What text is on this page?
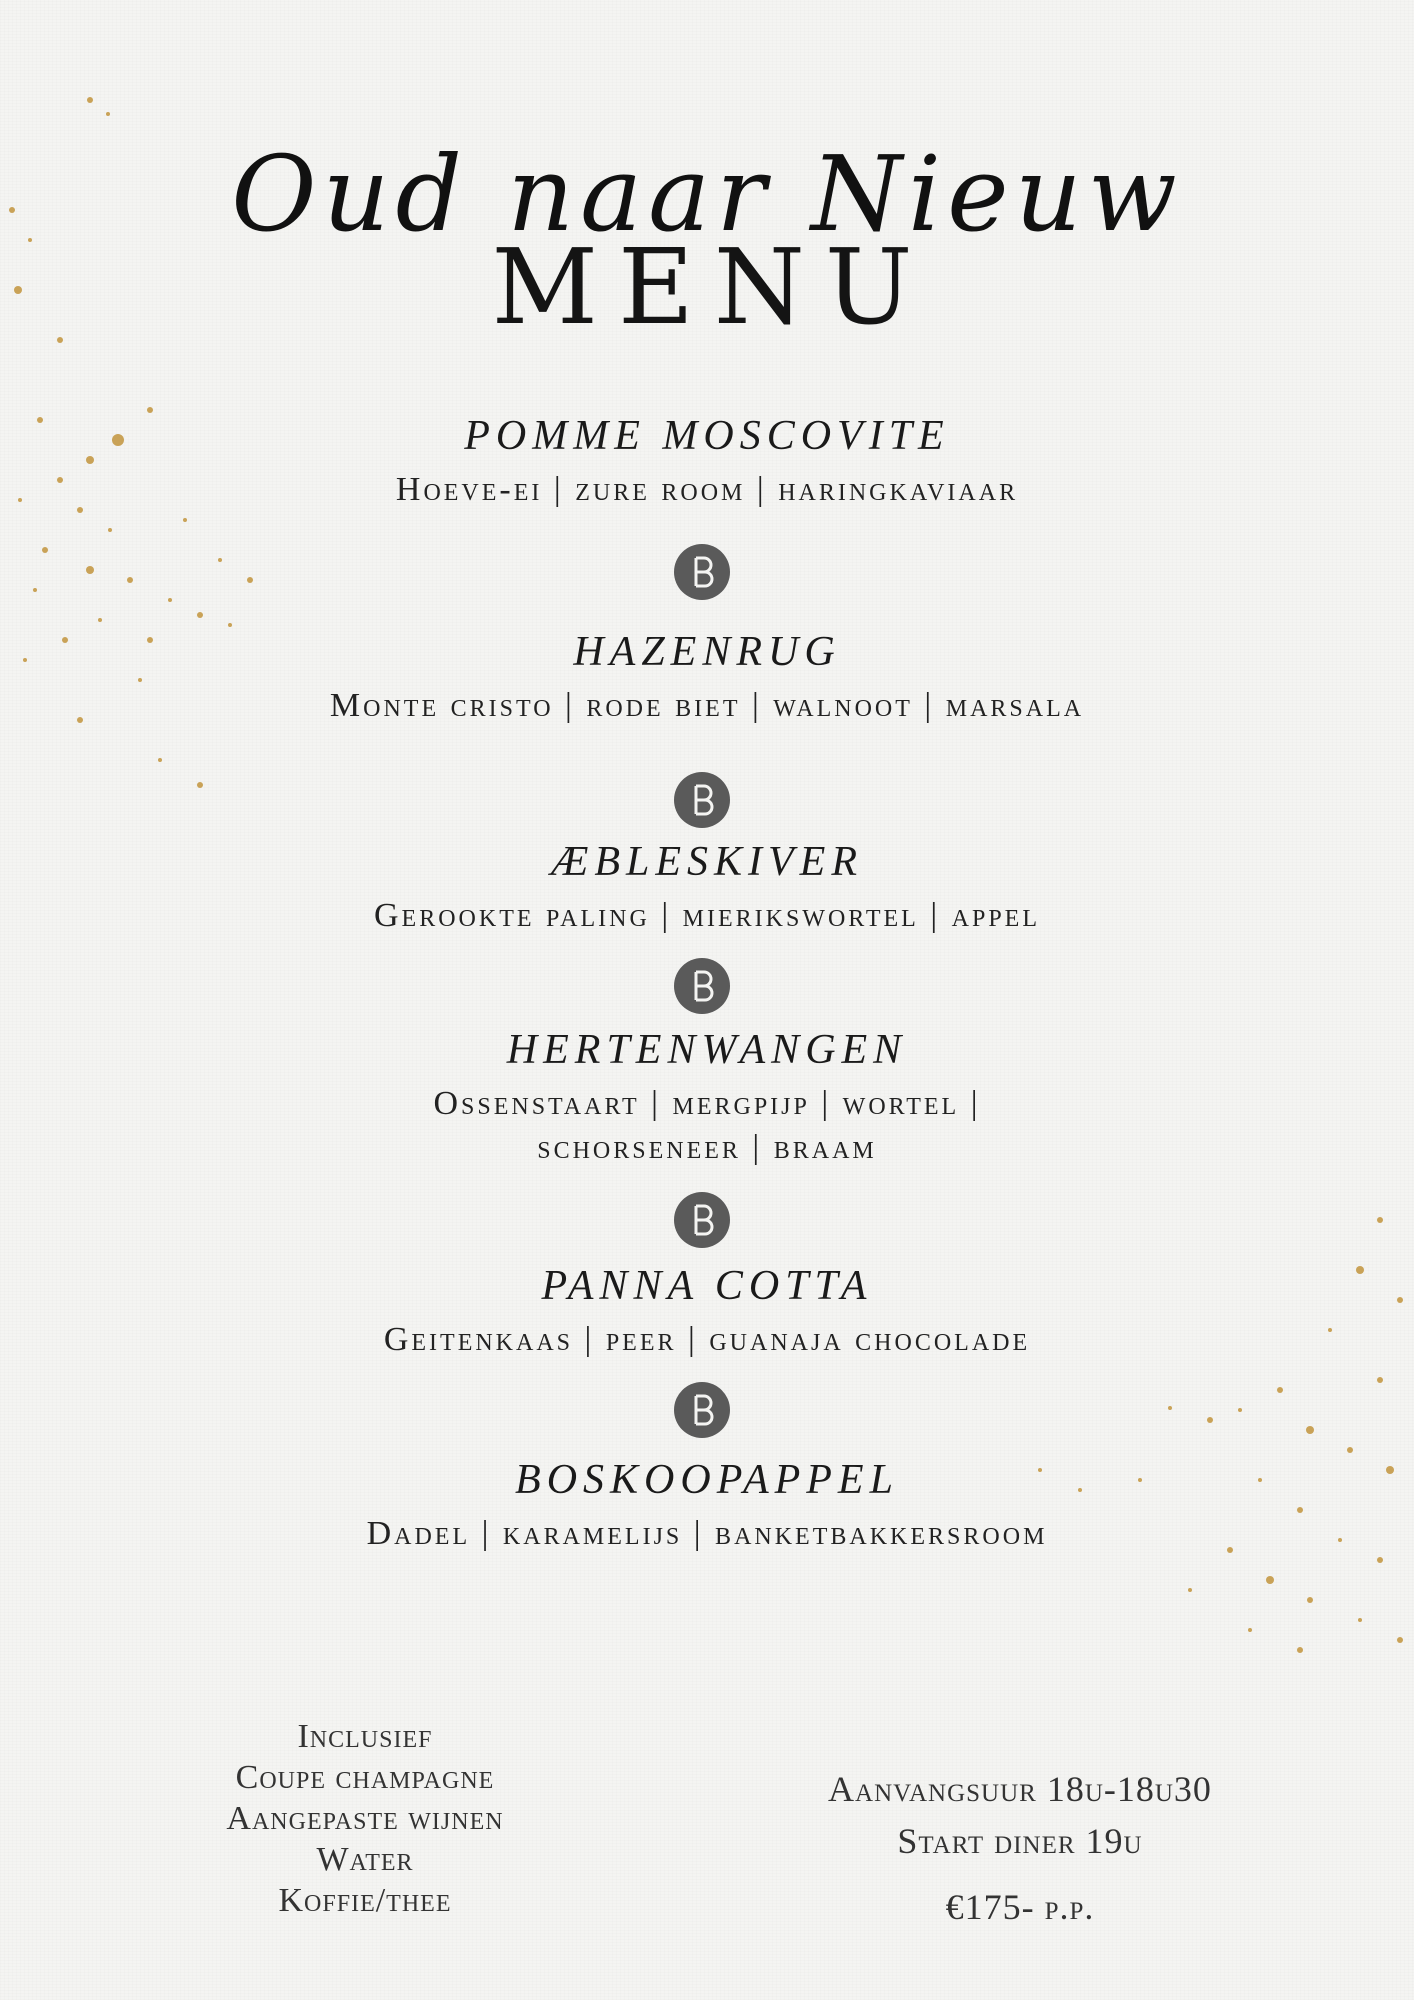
Oud naar Nieuw
MENU
POMME MOSCOVITE
Hoeve-ei | zure room | haringkaviaar
HAZENRUG
Monte cristo | rode biet | walnoot | marsala
ÆBLESKIVER
Gerookte paling | mierikswortel | appel
HERTENWANGEN
Ossenstaart | mergpijp | wortel | schorseneer | braam
PANNA COTTA
Geitenkaas | peer | guanaja chocolade
BOSKOOPAPPEL
Dadel | karamelijs | banketbakkersroom
Inclusief
Coupe champagne
Aangepaste wijnen
Water
Koffie/thee
Aanvangsuur 18u-18u30
Start diner 19u
€175- p.p.
